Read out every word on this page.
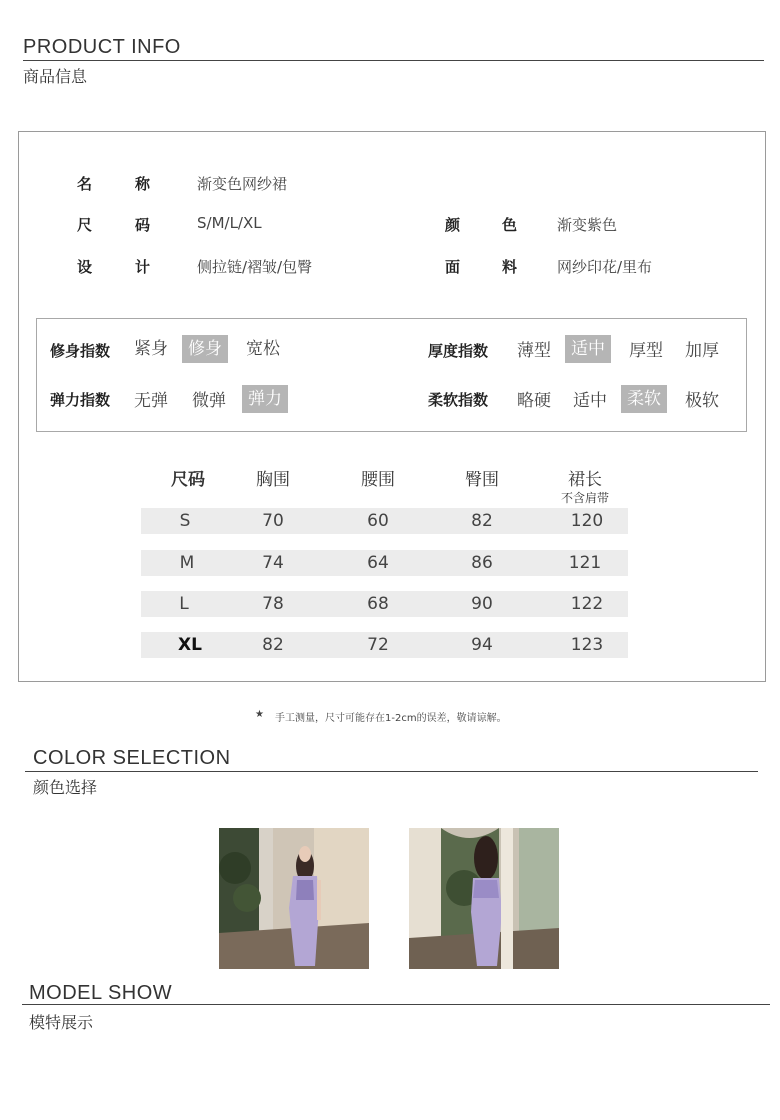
PRODUCT INFO
商品信息
名	称	渐变色网纱裙
尺	码	S/M/L/XL	颜	色	渐变紫色
设	计	侧拉链/褶皱/包臀	面	料	网纱印花/里布
修身指数	紧身	修身	宽松	厚度指数	薄型	适中	厚型	加厚
弹力指数	无弹	微弹	弹力	柔软指数	略硬	适中	柔软	极软
尺码	胸围	腰围	臀围	裙长
不含肩带
S	70	60	82	120
M	74	64	86	121
L	78	68	90	122
XL	82	72	94	123
★ 手工测量，尺寸可能存在1-2cm的误差，敬请谅解。
COLOR SELECTION
颜色选择
MODEL SHOW
模特展示
